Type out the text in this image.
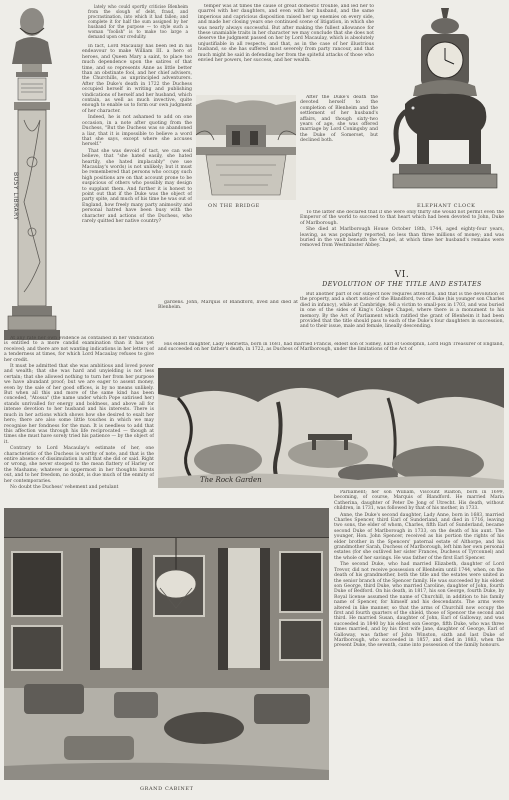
lately who could sportly criticise Blenheim from the slough of debt, fraud, and procrastination, into which it had fallen; and complete it for half the sum assigned by her husband for the purpose — to style such a woman "foolish" is to make too large a demand upon our credulity.

BUSY LIBRARY

In fact, Lord Macaulay has been led in his endeavour to make William III. a hero of heroes, and Queen Mary a saint, to place too much dependence upon the satires of that time, and so represents Anne as little better than an obstinate fool, and her chief advisers, the Churchills, as unprincipled adventurers. After the Duke's death in 1722 the Duchess occupied herself in writing and publishing vindications of herself and her husband, which contain, as well as much invective, quite enough to enable us to form our own judgment of her character.

Indeed, he is not ashamed to add on one occasion, in a note after quoting from the Duchess, "But the Duchess was so abandoned a liar, that it is impossible to believe a word that she says, except where she accuses herself."

That she was devoid of tact, we can well believe, that "she hated easily, she hated heartily, she hated implacably" (we use Macaulay's words) is not unlikely; but it must be remembered that persons who occupy such high positions are on that account prone to be suspicious of others who possibly may design to supplant them. And further it is honest to point out that if the Duke was the object of party spite, and much of his time he was out of England, how freely many party animosity and personal hatred have been busy with the character and actions of the Duchess, who rarely quitted her native country?

At any rate her own evidence as contained in her vindication is entitled to a more candid examination than it has yet received; and there are not wanting indications in her letters of a tenderness at times, for which Lord Macaulay refuses to give her credit.

It must be admitted that she was ambitious and loved power and wealth; that she was hard and unyielding is not less certain; that she allowed nothing to turn her from her purpose we have abundant proof; but we are eager to assent money, even by the sale of her good offices, is by no means unlikely. But when all this and more of the same kind has been conceded, "Atossa" (the name under which Pope satirised her) stands unrivalled for energy and boldness, and above all for intense devotion to her husband and his interests. There is much in her actions which shows how she desired to exalt her hero; there are also some little touches in which we may recognise her fondness for the man. It is needless to add that this affection was through his life reciprocated — though at times she must have sorely tried his patience — by the object of it.

Contrary to Lord Macaulay's estimate of her, one characteristic of the Duchess is worthy of note, and that is the entire absence of dissimulation in all that she did or said. Right or wrong, she never stooped to the mean flattery of Harley or the Mashams; whatever is uppermost in her thoughts bursts out, and to her freedom, no doubt, is due much of the enmity of her contemporaries.

No doubt the Duchess' vehement and petulant

temper was at times the cause of great domestic trouble, and led her to quarrel with her daughters, and even with her husband, and the same imperious and capricious disposition raised her up enemies on every side, and made her closing years one continued scene of litigation, in which she was nearly always successful. But after making the fullest allowance for these unamiable traits in her character we may conclude that she does not deserve the judgment passed on her by Lord Macaulay, which is absolutely unjustifiable in all respects; and that, as in the case of her illustrious husband, so she has suffered most severely from party rancour, and that much might be said in defending her from the spiteful attacks of those who envied her powers, her success, and her wealth.

ON THE BRIDGE

After the Duke's death the devoted herself to the completion of Blenheim and the settlement of her husband's affairs, and though sixty-two years of age, she was offered marriage by Lord Coningsby and the Duke of Somerset, but declined both.

ELEPHANT CLOCK

To the latter she declared that if she were only thirty she would not permit even the Emperor of the world to succeed to that heart which had been devoted to John, Duke of Marlborough.

She died at Marlborough House October 18th, 1744, aged eighty-four years, leaving, as was popularly reported, no less than three millions of money; and was buried in the vault beneath the Chapel, at which time her husband's remains were removed from Westminster Abbey.

VI.
DEVOLUTION OF THE TITLE AND ESTATES

But another part of our subject now requires attention, and that is the devolution of the property, and a short notice of the Blandford, two of Duke (his younger son Charles died in infancy), while at Cambridge, fell a victim to small-pox in 1703, and was buried in one of the sides of King's College Chapel, where there is a monument to his memory. By the Act of Parliament which ratified the grant of Blenheim it had been provided that the title should pass to each of the Duke's four daughters in succession, and to their issue, male and female, lineally descending.

gardens. John, Marquis of Blandford, lived and died at Blenheim.

His eldest daughter, Lady Henrietta, born in 1681, had married Francis, eldest son of Sidney, Earl of Godolphin, Lord High Treasurer of England, and succeeded on her father's death, in 1722, as Duchess of Marlborough, under the limitations of the Act of

The Rock Garden
GRAND CABINET

Parliament; her son William, Viscount Rialton, born in 1699, becoming, of course, Marquis of Blandford. He married Maria Catherina, daughter of Peter De Jong of Utrecht. His death, without children, in 1731, was followed by that of his mother, in 1733.

Anne, the Duke's second daughter, Lady Anne, born in 1683, married Charles Spencer, third Earl of Sunderland, and died in 1716, leaving two sons, the elder of whom, Charles, fifth Earl of Sunderland, became second Duke of Marlborough in 1733, on the death of his aunt. The younger, Hon. John Spencer, received as his portion the rights of his elder brother in the Spencers' paternal estate of Althorpe, and his grandmother Sarah, Duchess of Marlborough, left him her own personal estates (for she outlived her sister Frances, Duchess of Tyrconnel) and the whole of her savings. He was father of the first Earl Spencer.

The second Duke, who had married Elizabeth, daughter of Lord Trevor, did not receive possession of Blenheim until 1744, when, on the death of his grandmother, both the title and the estates were united in the senior branch of the Spencer family. He was succeeded by his eldest son George, third Duke, who married Caroline, daughter of John, fourth Duke of Bedford. On his death, in 1817, his son George, fourth Duke, by Royal license assumed the name of Churchill, in addition to his family name of Spencer, for himself and his descendants. The arms were altered in like manner, so that the arms of Churchill now occupy the first and fourth quarters of the shield, those of Spencer the second and third. He married Susan, daughter of John, Earl of Galloway, and was succeeded in 1840 by his eldest son George, fifth Duke, who was three times married, and by his first wife Jane, daughter of George, Earl of Galloway, was father of John Winston, sixth and last Duke of Marlborough, who succeeded in 1857, and died in 1883, when the present Duke, the seventh, came into possession of the family honours.
